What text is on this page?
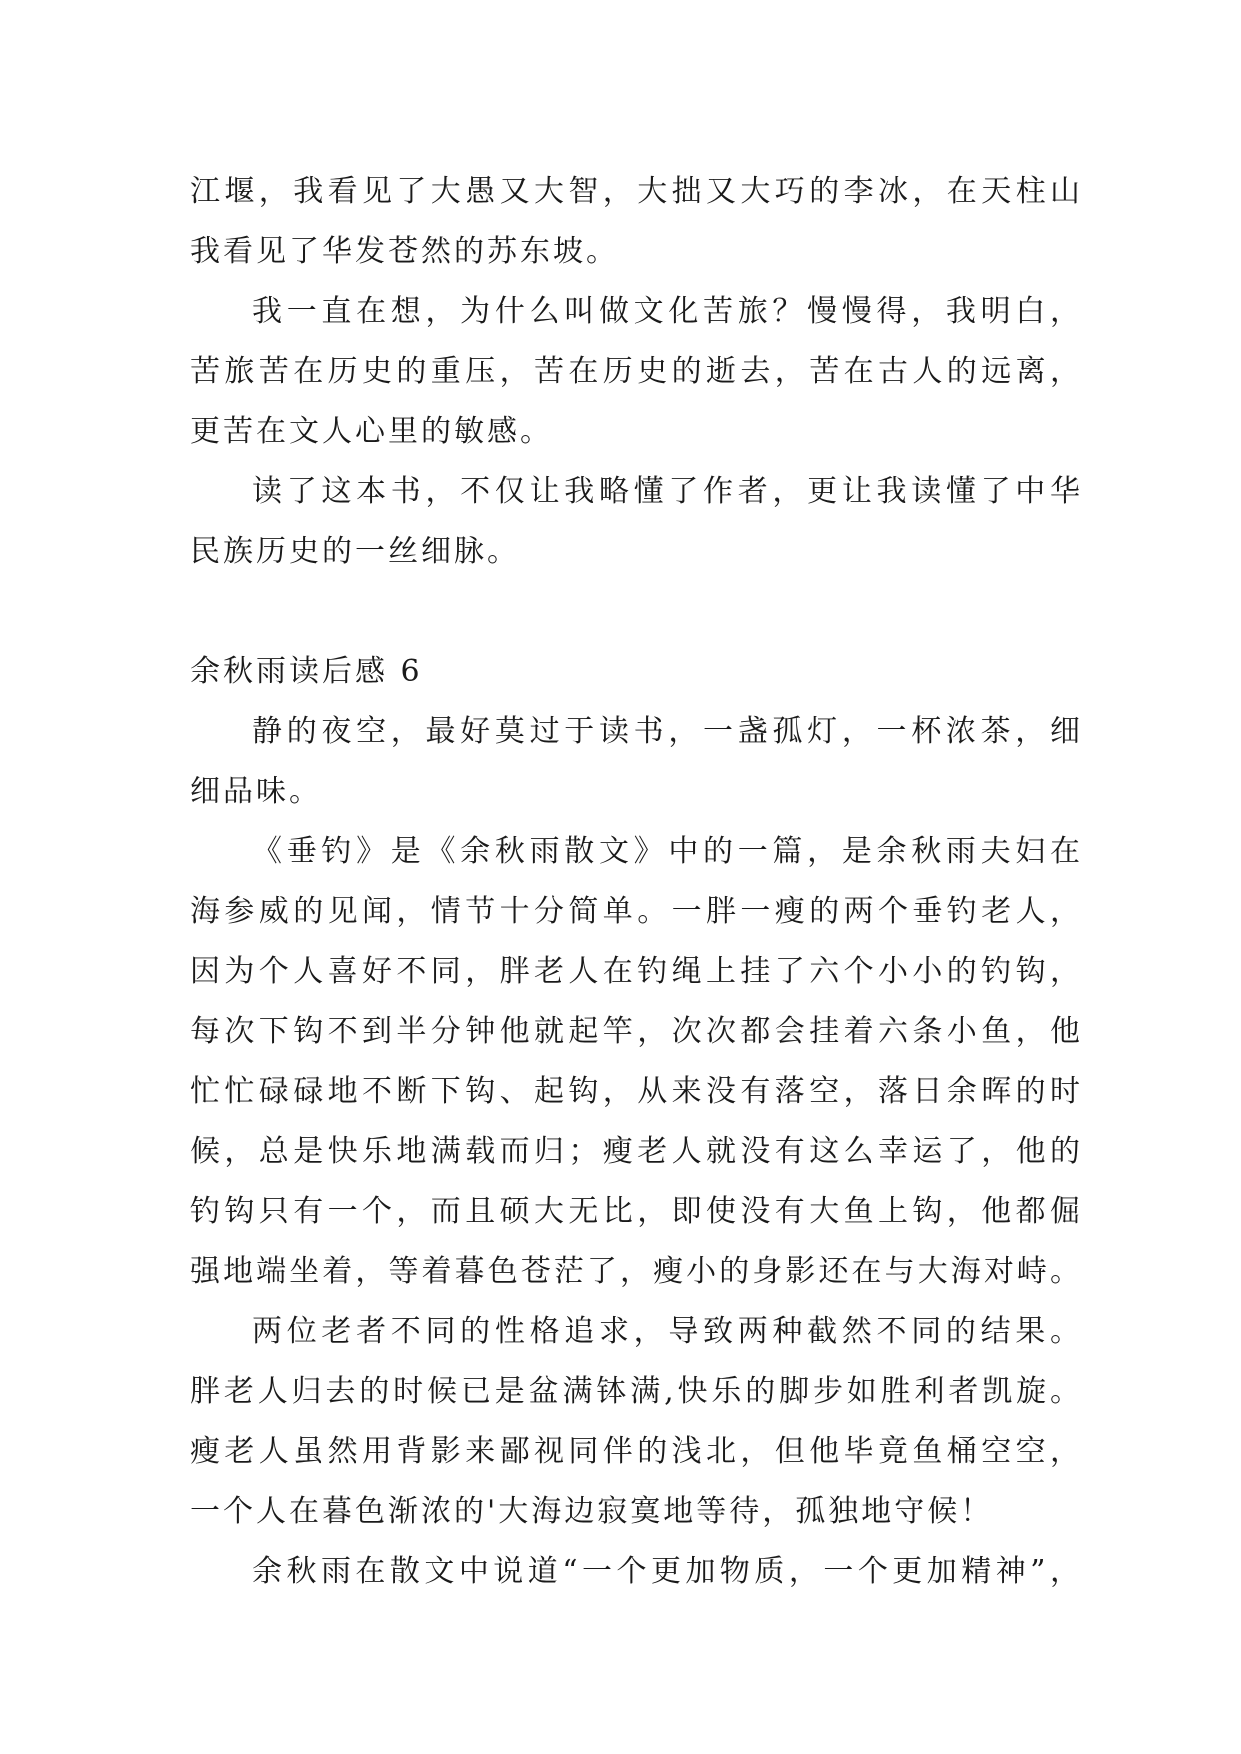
江堰，我看见了大愚又大智，大拙又大巧的李冰，在天柱山
我看见了华发苍然的苏东坡。
我一直在想，为什么叫做文化苦旅？慢慢得，我明白，
苦旅苦在历史的重压，苦在历史的逝去，苦在古人的远离，
更苦在文人心里的敏感。
读了这本书，不仅让我略懂了作者，更让我读懂了中华
民族历史的一丝细脉。
余秋雨读后感 6
静的夜空，最好莫过于读书，一盏孤灯，一杯浓茶，细
细品味。
《垂钓》是《余秋雨散文》中的一篇，是余秋雨夫妇在
海参威的见闻，情节十分简单。一胖一瘦的两个垂钓老人，
因为个人喜好不同，胖老人在钓绳上挂了六个小小的钓钩，
每次下钩不到半分钟他就起竿，次次都会挂着六条小鱼，他
忙忙碌碌地不断下钩、起钩，从来没有落空，落日余晖的时
候，总是快乐地满载而归；瘦老人就没有这么幸运了，他的
钓钩只有一个，而且硕大无比，即使没有大鱼上钩，他都倔
强地端坐着，等着暮色苍茫了，瘦小的身影还在与大海对峙。
两位老者不同的性格追求，导致两种截然不同的结果。
胖老人归去的时候已是盆满钵满,快乐的脚步如胜利者凯旋。
瘦老人虽然用背影来鄙视同伴的浅北，但他毕竟鱼桶空空，
一个人在暮色渐浓的'大海边寂寞地等待，孤独地守候！
余秋雨在散文中说道“一个更加物质，一个更加精神”，
